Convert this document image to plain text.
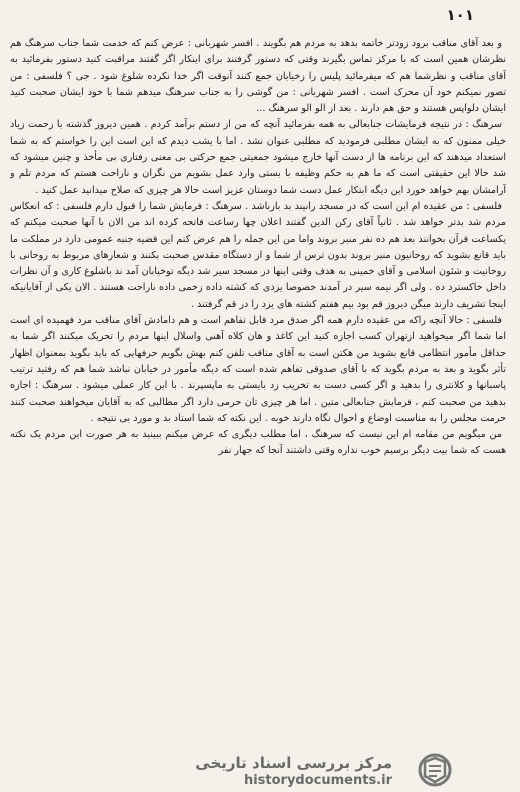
۱۰۱

و بعد آقای مناقب برود زودتر خاتمه بدهد به مردم هم بگویند . افسر شهربانی : عرض کنم که خدمت شما جناب سرهنگ هم نظرشان همین است که با مرکز تماس بگیرند وقتی که دستور گرفتند برای اینکار اگر گفتند مراقبت کنید دستور بفرمائید به آقای مناقب و نظرشما هم که میفرمائید پلیس را زخیابان جمع کنند آنوقت اگر خدا نکرده شلوغ شود . جی ؟ فلسفی : من تصور نمیکنم خود آن محرک است . افسر شهربانی : من گوشی را به جناب سرهنگ میدهم شما با خود ایشان صحبت کنید ایشان دلواپس هستند و حق هم دارند . بعد از الو الو سرهنگ ...

سرهنگ : در نتیجه فرمایشات جنابعالی به همه بفرمائید آنچه که من از دستم برآمد کردم . همین دیروز گذشته با زحمت زیاد خیلی ممنون که به ایشان مطلبی فرمودید که مطلبی عنوان نشد . اما با یشب دیدم که این است این را خواستم که به شما استعداد میدهند که این برنامه ها از دست آنها خارج میشود جمعیتی جمع حرکتی بی معنی رفتاری بی مأخذ و چنین میشود که شد حالا این حقیقتی است که ما هم به حکم وظیفه با بستی وارد عمل بشویم من نگران و ناراحت هستم که مردم تلم و آرامشان بهم خواهد خورد این دیگه ابتکار عمل دست شما دوستان عزیز است حالا هر چیزی که صلاح میدانید عمل کنید .

فلسفی : من عقیده ام این است که در مسجد رانیند بد بازباشد . سرهنگ : فرمایش شما را قبول دارم فلسفی : که انعکاس مردم شد بدتر خواهد شد . ثانیاً آقای رکن الدین گفتند اعلان چها رساعت فاتحه کرده اند من الان با آنها صحبت میکنم که یکساعت قرآن بخوانند بعد هم ده نفر منبر بروند واما من این جمله را هم عرض کنم این قضیه جنبه عمومی دارد در مملکت ما باید قانع بشوید که روحانیون منبر بروند بدون ترس از شما و از دستگاه مقدس صحبت بکنند و شعارهای مربوط به روحانی با روحانیت و شئون اسلامی و آقای خمینی به هدف وقتی اینها در مسجد سیر شد دیگه توخیابان آمد ند باشلوغ کاری و آن نظرات داخل خاکسترد ده . ولی اگر نیمه سیر در آمدند خصوصا یزدی که کشته داده زخمی داده ناراحت هستند . الان یکی از آقایانیکه اینجا تشریف دارند میگن دیروز قم بود بیم هفتم کشته های یزد را در قم گرفتند .

فلسفی : حالا آنچه راکه من عقیده دارم همه اگر صدق مرد قابل تفاهم است و هم دامادش آقای مناقب مرد فهمیده ای است اما شما اگر میخواهید ازتهران کسب اجازه کنید این کاغذ و هان کلاه آهنی واسلال اینها مردم را تحریک میکنند اگر شما به حداقل مأمور انتظامی قانع بشوید من هکتن است به آقای مناقب تلفن کنم بهش بگویم حرفهایی که باید بگوید بمعنوان اظهار تأثر بگوید و بعد به مردم بگوید که با آقای صدوقی تفاهم شده است که دیگه مأمور در خیابان نباشد شما هم که رفتید ترتیب پاسبانها و کلانتری را بدهید و اگر کسی دست به تخریب زد بایستی به ماپسپرند . با این کار عملی میشود . سرهنگ : اجازه بدهید من صحبت کنم ، فرمایش جنابعالی متین . اما هر چیزی تان حرمی دارد اگر مطالبی که به آقایان میخواهند صحبت کنند حرمت مجلس را به مناسبت اوضاع و احوال نگاه دارند خوبه . این نکته که شما استاد بد و مورد بی نتیجه .

من میگویم من مقامه ام این نیست که سرهنگ ، اما مطلب دیگری که عرض میکنم ببینید به هر صورت این مردم یک نکته هست که شما بیت دیگر برسیم خوب نداره وقتی داشتند آنجا که جهار نفر

مرکز بررسی اسناد تاریخی
historydocuments.ir
